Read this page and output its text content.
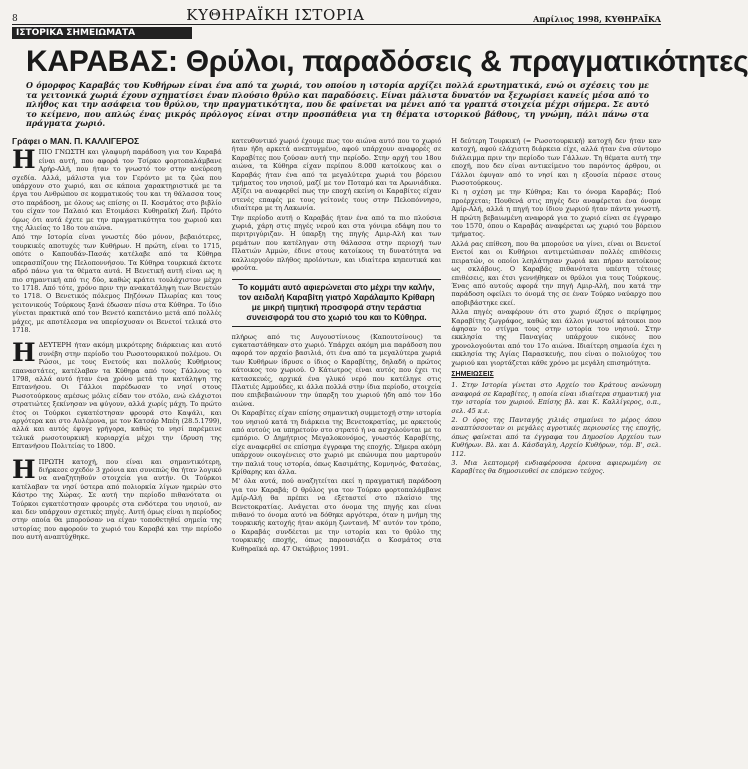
8	ΚΥΘΗΡΑΪΚΗ ΙΣΤΟΡΙΑ	Απρίλιος 1998, ΚΥΘΗΡΑΪΚΑ
ΙΣΤΟΡΙΚΑ ΣΗΜΕΙΩΜΑΤΑ
ΚΑΡΑΒΑΣ: Θρύλοι, παραδόσεις & πραγματικότητες
Ο όμορφος Καραβάς του Κυθήρων είναι ένα από τα χωριά, του οποίου η ιστορία αρχίζει πολλά ερωτηματικά, ενώ οι σχέσεις του με τα γειτονικά χωριά έχουν σχηματίσει έναν πλούσιο θρύλο και παραδόσεις. Είναι μάλιστα δυνατόν να ξεχωρίσει κανείς μέσα από το πλήθος και την ασάφεια του θρύλου, την πραγματικότητα, που δε φαίνεται να μένει από τα γραπτά στοιχεία μέχρι σήμερα. Σε αυτό το κείμενο, που απλώς ένας μικρός πρόλογος είναι στην προσπάθεια για τη θέματα ιστορικού βάθους, τη γνώμη, πάλι πάνω στα πράγματα χωριό.
Γράφει ο ΜΑΝ. Π. ΚΑΛΛΙΓΕΡΟΣ

ΗΠΙΟ ΓΝΩΣΤΗ και γλαφυρή παράδοση για τον Καραβά είναι αυτή, που αφορά τον Τσίρκο φορτοπαλάμβανε Αρήρ-Αλή, που ήταν το γνωστό τον στην ανεύρεση σχεδία. Αλλά, μάλιστα για τον Γερόντο με τα ζώα που υπάρχουν στο χωριό, και σε κάποια χαρακτηριστικά με τα έργα του Ανθρώπου σε κομματικούς του και τη θάλασσα τους στο παράδοση, με όλους ως επίσης οι ΙΙ. Κοσμάτος στο βιβλίο του είχαν τον Παλαιό και Ετοιμάσει Κυθηραϊκή Ζωή. Πρότο όμως ότι αυτά έχετε με την πραγματικότητα του χωριού και της Αλιείας το 18ο του αιώνα.

Από την Ιστορία είναι γνωστές δύο μόνον, βεβαιότερες, τουρκικές αποτυχές των Κυθήρων. Η πρώτη, είναι το 1715, οπότε ο Καπουδάν-Πασάς κατέλαβε από τα Κύθηρα υπερασπίζουν της Πελοποννήσου. Τα Κύθηρα τουρκικά έκτοτε αδρό πάνω για τα θέματα αυτά. Η Βενετική αυτή είναι ως η πιο σημαντική από τις δύο, καθώς κράτει τουλάχιστον μέχρι το 1718. Από τότε, χρόνο πριν την ανακατάληψη των Βενετών το 1718. Ο Βενετικός πόλεμος Πηζόνων Πλωρίας και τους γειτονικούς Τούρκους ξανά έδωσαν πίσω στα Κύθηρα. Το ίδιο γίνεται πρακτικά από τον Βενετό καπετάνιο μετά από πολλές μάχες, με αποτέλεσμα να υπερίσχυσαν οι Βενετοί τελικά στο 1718.

ΗΔΕΥΤΕΡΗ ήταν ακόμη μικρότερης διάρκειας και αυτό συνέβη στην περίοδο του Ρωσοτουρκικού πολέμου. Οι Ρώσοι, με τους Ενετούς και πολλούς Κυθήριους επαναστάτες, κατέλαβαν τα Κύθηρα από τους Γάλλους το 1798, αλλά αυτό ήταν ένα χρόνο μετά την κατάληψη της Επτανήσου. Οι Γάλλοι παρέδωσαν το νησί στους Ρωσοτούρκους αμέσως μόλις είδαν τον στόλο, ενώ ελάχιστοι στρατιώτες ξεκίνησαν να φύγουν, αλλά χωρίς μάχη. Το πρώτο έτος οι Τούρκοι εγκατέστησαν φρουρά στο Καψάλι, και αργότερα και στο Αυλέμονα, με τον Κατσάρ Μπέη (28.5.1799), αλλά και αυτός έφυγε γρήγορα, καθώς το νησί παρέμεινε τελικά ρωσοτουρκική κυριαρχία μέχρι την ίδρυση της Επτανήσου Πολιτείας το 1800.

ΗΠΡΩΤΗ κατοχή, που είναι και σημαντικότερη, διήρκεσε σχεδόν 3 χρόνια και συνεπώς θα ήταν λογικό να αναζητηθούν στοιχεία για αυτήν. Οι Τούρκοι κατέλαβαν τα νησί ύστερα από πολιορκία λίγων ημερών στο Κάστρο της Χώρας. Σε αυτή την περίοδο πιθανότατα οι Τούρκοι εγκατέστησαν φρουρές στα ενδότερα του νησιού, αν και δεν υπάρχουν σχετικές πηγές. Αυτή όμως είναι η περίοδος στην οποία θα μπορούσαν να είχαν τοποθετηθεί σημεία της ιστορίας που αφορούν το χωριό του Καραβά και την περίοδο που αυτή αναπτύχθηκε.

κατευθυντικό χωριό έχουμε πως τον αιώνα αυτό που το χωριό ήταν ήδη αρκετά ανεπτυγμένο, αφού υπάρχουν αναφορές σε Καραβίτες που ζούσαν αυτή την περίοδο. Στην αρχή του 18ου αιώνα, τα Κύθηρα είχαν περίπου 8.000 κατοίκους και ο Καραβάς ήταν ένα από τα μεγαλύτερα χωριά του βόρειου τμήματος του νησιού, μαζί με τον Ποταμό και τα Αρωνιάδικα. Αξίζει να αναφερθεί πως την εποχή εκείνη οι Καραβίτες είχαν στενές επαφές με τους γείτονές τους στην Πελοπόννησο, ιδιαίτερα με τη Λακωνία.

Την περίοδο αυτή ο Καραβάς ήταν ένα από τα πιο πλούσια χωριά, χάρη στις πηγές νερού και στα γόνιμα εδάφη που το περιτριγύριζαν. Η ύπαρξη της πηγής Αμιρ-Αλή και των ρεμάτων που κατέληγαν στη θάλασσα στην περιοχή των Πλατιών Αμμών, έδινε στους κατοίκους τη δυνατότητα να καλλιεργούν πλήθος προϊόντων, και ιδιαίτερα κηπευτικά και φρούτα.

Το κομμάτι αυτό αφιερώνεται στο μέχρι την καλήν, τον αειδαλή Καραβίτη γιατρό Χαράλαμπο Κρίθαρη με μικρή τιμητική προσφορά στην τεράστια συνεισφορά του στο χωριό του και το Κύθηρα.

πλήρως από τις Αυγουστίνιους (Καπουτσίνους) τα εγκαταστάθηκαν στο χωριό. Υπάρχει ακόμη μια παράδοση που αφορά τον αρχαίο βασιλιά, ότι ένα από τα μεγαλύτερα χωριά των Κυθήρων ίδρυσε ο ίδιος ο Καραβίτης, δηλαδή ο πρώτος κάτοικος του χωριού. Ο Κάτωτρος είναι αυτός που έχει τις κατασκευές, αρχικά ένα γλυκό νερό που κατέληγε στις Πλατιές Αμμούδες, κι άλλα πολλά στην ίδια περίοδο, στοιχεία που επιβεβαιώνουν την ύπαρξη του χωριού ήδη από τον 16ο αιώνα.

Οι Καραβίτες είχαν επίσης σημαντική συμμετοχή στην ιστορία του νησιού κατά τη διάρκεια της Βενετοκρατίας, με αρκετούς από αυτούς να υπηρετούν στο στρατό ή να ασχολούνται με το εμπόριο. Ο Δημήτριος Μεγαλοκονόμος, γνωστός Καραβίτης, είχε αναφερθεί σε επίσημα έγγραφα της εποχής. Σήμερα ακόμη υπάρχουν οικογένειες στο χωριό με επώνυμα που μαρτυρούν την παλιά τους ιστορία, όπως Κασιμάτης, Κομνηνός, Φατσέας, Κρίθαρης και άλλα.

Μ' όλα αυτά, πού αναζητείται εκεί η πραγματική παράδοση για τον Καραβά; Ο θρύλος για τον Τούρκο φορτοπαλάμβανε Αμίρ-Αλή θα πρέπει να εξεταστεί στο πλαίσιο της Βενετοκρατίας. Ανάγεται στο όνομα της πηγής και είναι πιθανό το όνομα αυτό να δόθηκε αργότερα, όταν η μνήμη της τουρκικής κατοχής ήταν ακόμη ζωντανή. Μ' αυτόν τον τρόπο, ο Καραβάς συνδέεται με την ιστορία και το θρύλο της τουρκικής εποχής, όπως παρουσιάζει ο Κοσμάτος στα Κυθηραϊκά αρ. 47 Οκτώβριος 1991.

Η δεύτερη Τουρκική (= Ρωσοτουρκική) κατοχή δεν ήταν καν κατοχή, αφού ελάχιστη διάρκεια είχε, αλλά ήταν ένα σύντομο διάλειμμα πριν την περίοδο των Γάλλων. Τη θέματα αυτή την εποχή, που δεν είναι αντικείμενο του παρόντος άρθρου, οι Γάλλοι έφυγαν από το νησί και η εξουσία πέρασε στους Ρωσοτούρκους.

Κι η σχέση με την Κύθηρα; Και το όνομα Καραβάς; Πού προέρχεται; Πουθενά στις πηγές δεν αναφέρεται ένα όνομα Αμίρ-Αλή, αλλά η πηγή του ίδιου χωριού ήταν πάντα γνωστή. Η πρώτη βεβαιωμένη αναφορά για το χωριό είναι σε έγγραφο του 1570, όπου ο Καραβάς αναφέρεται ως χωριό του βόρειου τμήματος.

Αλλά ρας επίθεση, που θα μπορούσε να γίνει, είναι οι Βενετοί Ενετοί και οι Κυθήριοι αντιμετώπισαν πολλές επιθέσεις πειρατών, οι οποίοι λεηλάτησαν χωριά και πήραν κατοίκους ως σκλάβους. Ο Καραβάς πιθανότατα υπέστη τέτοιες επιθέσεις, και έτσι γεννήθηκαν οι θρύλοι για τους Τούρκους. Ένας από αυτούς αφορά την πηγή Αμιρ-Αλή, που κατά την παράδοση οφείλει το όνομά της σε έναν Τούρκο ναύαρχο που αποβιβάστηκε εκεί.

Άλλα πηγές αναφέρουν ότι στο χωριό έζησε ο περίφημος Καραβίτης ζωγράφος, καθώς και άλλοι γνωστοί κάτοικοι που άφησαν το στίγμα τους στην ιστορία του νησιού. Στην εκκλησία της Παναγίας υπάρχουν εικόνες που χρονολογούνται από τον 17ο αιώνα. Ιδιαίτερη σημασία έχει η εκκλησία της Αγίας Παρασκευής, που είναι ο πολιούχος του χωριού και γιορτάζεται κάθε χρόνο με μεγάλη επισημότητα.

ΣΗΜΕΙΩΣΕΙΣ

1. Στην Ιστορία γίνεται στο Αρχείο του Κράτους ανώνυμη αναφορά σε Καραβίτες, η οποία είναι ιδιαίτερα σημαντική για την ιστορία του χωριού. Επίσης βλ. και Κ. Καλλίγερος, ο.π., σελ. 45 κ.ε.

2. Ο όρος της Πανταγής χιλιάς σημαίνει το μέρος όπου αναπτύσσονταν οι μεγάλες αγροτικές περιουσίες της εποχής, όπως φαίνεται από τα έγγραφα του Δημοσίου Αρχείου των Κυθήρων. Βλ. και Δ. Κάσδαγλη, Αρχείο Κυθήρων, τόμ. Β', σελ. 112.

3. Μια λεπτομερή ενδιαφέρουσα έρευνα αφιερωμένη σε Καραβίτες θα δημοσιευθεί σε επόμενο τεύχος.
